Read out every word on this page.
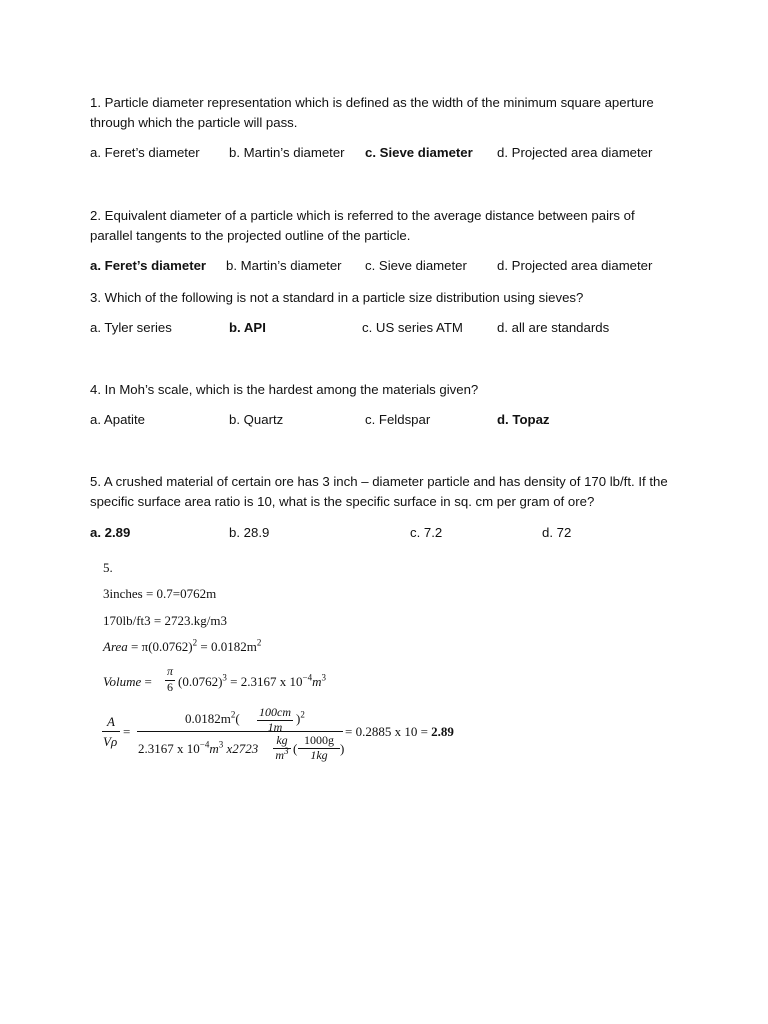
1. Particle diameter representation which is defined as the width of the minimum square aperture through which the particle will pass.

a. Feret’s diameter b. Martin’s diameter c. Sieve diameter d. Projected area diameter

2. Equivalent diameter of a particle which is referred to the average distance between pairs of parallel tangents to the projected outline of the particle.

a. Feret’s diameter b. Martin’s diameter c. Sieve diameter d. Projected area diameter

3. Which of the following is not a standard in a particle size distribution using sieves?

a. Tyler series	b. API	c. US series ATM	d. all are standards

4. In Moh’s scale, which is the hardest among the materials given?

a. Apatite	b. Quartz	c. Feldspar	d. Topaz

5. A crushed material of certain ore has 3 inch – diameter particle and has density of 170 lb/ft. If the specific surface area ratio is 10, what is the specific surface in sq. cm per gram of ore?

a. 2.89	b. 28.9	c. 7.2	d. 72
5.
3inches = 0.7=0762m
170lb/ft3 = 2723.kg/m3
Area = $\pi(0.0762)^2 = 0.0182m^2$
Volume =
π
6 $(0.0762)^3 = 2.3167$ x $10^{-4}m^3$
A
Vρ
=
$0.0182m^2$(	100cm
1m
)$^2$
2.3167 x $10^{-4}m^3$ x2723
kg
$m^3$ (
1000g
1kg )
= 0.2885 x 10 = 2.89
